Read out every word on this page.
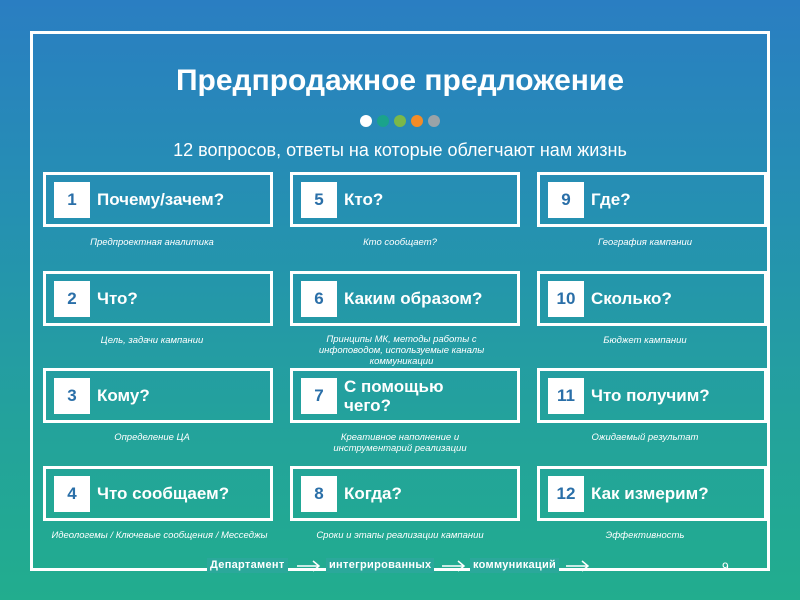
Предпродажное предложение
12 вопросов, ответы на которые облегчают нам жизнь
1	Почему/зачем?
Предпроектная аналитика
2	Что?
Цель, задачи кампании
3	Кому?
Определение ЦА
4	Что сообщаем?
Идеологемы / Ключевые сообщения / Месседжы
5	Кто?
Кто сообщает?
6	Каким образом?
Принципы МК, методы работы с инфоповодом, используемые каналы коммуникации
7	С помощью чего?
Креативное наполнение и инструментарий реализации
8	Когда?
Сроки и этапы реализации кампании
9	Где?
География кампании
10 Сколько?
Бюджет кампании
11 Что получим?
Ожидаемый результат
12 Как измерим?
Эффективность
Департамент	интегрированных	коммуникаций	9
